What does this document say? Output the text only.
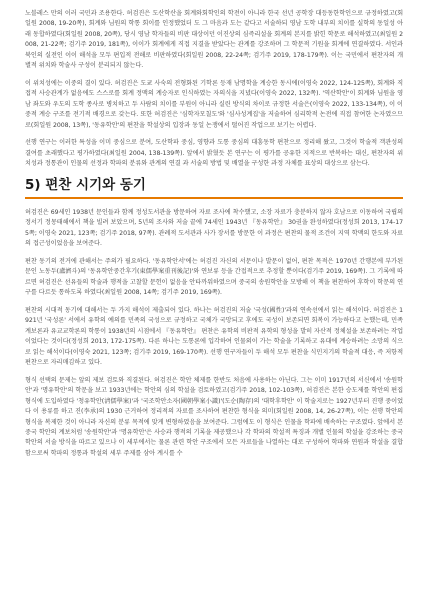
노블레스 만의 이러 국민과 조용한다. 허검진은 도산학산을 회계와회학인의 학전이 아니라 한국 선년 공학장 대등동한학인으로 규정하였고(회일원 2008, 19-20쪽), 회계와 님원의 학통 회이를 인정했었더 도 그 마음과 도는 같다고 서술하되 영남 도학 내부의 치이를 실학의 동일성 아래 동합하였다(회일원 2008, 20쪽), 당시 영남 학자들의 비판 대상이던 이진상의 심즉리설을 회계의 본지를 밝힌 학문로 해석하였고(최일원 2008, 21-22쪽; 검기주 2019, 181쪽), 이이가 회계에게 직접 지결을 받았다는 관계를 강조하며 그 학문적 기원을 회계에 연결하였다. 서인과 북인의 실전인 이이 해석을 모두 편입적 전해로 비판하였다(회일원 2008, 22-24쪽; 검기주 2019, 178-179쪽). 이는 국민에서 편찬자의 개별적 위치와 학술사 구성이 분리되지 않는다.

이 위치성에는 이중의 결이 있다. 허검진은 도쿄 사숙의 전형화된 기학론 등재 남명학을 계승한 동시에(이영숙 2022, 124-125쪽), 회계와 직접적 사승관계가 없음에도 스스로를 회계 정맥의 계승자로 인식하였는 자의식을 지녔다(이영숙 2022, 132쪽). '역산학안'이 회계와 님원을 영남 좌도와 우도의 도학 종사로 병치하고 두 사람의 치이를 부원이 아니라 실린 방식의 차이로 규정한 서술은(이영숙 2022, 133-134쪽), 이 이중적 계승 구조를 전기적 배경으로 갖는다. 또한 허검진은 '심학자모칠도'와 '심사성계집'을 저술하여 심리학적 논전에 직접 참여한 논자였으므로(회일원 2008, 13쪽), '동유학안'의 편찬을 학설상의 입장과 동일 논쟁에서 떨어진 작업으로 보기는 어렵다.

선행 연구는 이러한 특성을 이미 중심으로 분여, 도산학파 중심, 영향과 도통 중심의 대흥동학 편찬으로 정리해 왔고, 그것이 학술적 객관성의 결여를 초래했다고 평가하였다(최일원 2004, 138-139쪽). 앞에서 밝혔듯 본 연구는 이 평가를 공유한 지적으로 반복하는 대신, 편찬자의 위치성과 정통관이 인물의 선정과 학파의 분류와 관계의 연결 과 서술의 방법 및 배열을 구성한 과정 자체를 표상의 대상으로 삼는다.

5) 편찬 시기와 동기

허검진은 69세인 1938년 문인들과 함께 정성도서관을 방문하여 자료 조사에 착수했고, 소장 자료가 충분하지 않자 호남으로 이동하여 국립의 정서기 정몽태해에서 책을 빌려 보았으며, 5년의 조사와 저술 끝에 74세인 1943년 『동유학안』 30권을 완성하였다(정성희 2013, 174-175쪽; 이영숙 2021, 123쪽; 검기주 2018, 97쪽). 관례적 도서관과 사가 장서를 방문한 이 과정은 편찬의 물적 조건이 지역 학맥의 한도와 자료의 접근성이었음을 보여준다.

편찬 동기의 전거에 관해서는 주의가 필요하다. '동유학안서'에는 허검진 자신의 서문이나 발문이 없어, 편찬 목적은 1970년 간행본에 부가된 문인 노동두(盧濟斗)의 '동유학안중간후기(東儒學案重刊後記)'와 연보류 등을 간접적으로 추정할 뿐이다(검기주 2019, 169쪽). 그 기록에 따르면 허검진은 선유들의 학술과 행적을 고찰할 문헌이 없음을 안타까워하였으며 중국의 송원학안을 모방해 이 책을 편찬하여 후학이 학문의 연구를 다르듯 통하도록 하였다(최일원 2008, 14쪽; 검기주 2019, 169쪽).

편찬의 시대적 동기에 대해서는 두 가지 해석이 제출되어 있다. 하나는 허검진의 저술 '국성(國性)'과의 연속선에서 읽는 해석이다. 허검진은 1921년 '국성론' 서에서 유학의 예의를 민족의 국성으로 규정하고 국체가 국망되고 후에도 국성이 보존되면 회복이 가능하다고 논했는데, 민족계보론과 유교교학론의 학통이 1938년의 시점에서 『동유학안』 편찬은 유학의 비판적 유학의 형성을 발히 자산적 정체설을 보존하려는 작업이었다는 것이다(정성희 2013, 172-175쪽). 다른 하나는 도통론에 입각하여 인물외이 가는 학술을 기록하고 유대에 계승하려는 소망의 식으로 읽는 해석이다(이영숙 2021, 123쪽; 검기주 2019, 169-170쪽). 선행 연구자들이 두 해석 모두 편찬을 식민지기의 학술적 대응, 즉 저항적 편찬으로 자리매김하고 있다.

형식 선택의 문제는 앞의 제보 검토와 직결된다. 허검진은 학안 체제를 한반도 처음에 사용하는 아닌다. 그는 이미 1917년의 서신에서 '송원학안'과 '명유학안'의 학문을 보고 1933년에는 학안의 심의 학설을 검토하였고(검기주 2018, 102-103쪽), 허검진은 본한 승도제를 학안의 편집형식에 도입하였다 '청유학안(淸儒學案)'과 '국조학안소자(國朝學案小識)'(도순(陶存)의 '대학후학안' 이 학술지로는 1927년부터 진행 중이었다 이 용류를 하고 진(李承)의 1930 근거하여 정리적의 자료를 조사하여 편찬한 형식을 의미(회일원 2008, 14, 26-27쪽), 이는 선행 학안의 형식을 복제한 것이 아니라 자신의 분류 목적에 맞게 변형하였음을 보여준다. 그럼에도 이 형식은 인물을 학파에 배속하는 구조였다. 앞에서 본 중국 학안의 계보처럼 '송원학안'과 '명유학안'은 사승과 행적의 기록을 제공했으나 각 학파의 학설적 특징과 개별 인물의 학설을 강조하는 중국 학안의 서술 방식을 따르고 있으나 이 세부에서는 물론 관련 학안 구조에서 모든 자료들을 나열하는 대로 구성하여 학파와 연원과 학설을 결합함으로써 학파의 정통과 학설의 세부 주제를 삼아 계시를 수
